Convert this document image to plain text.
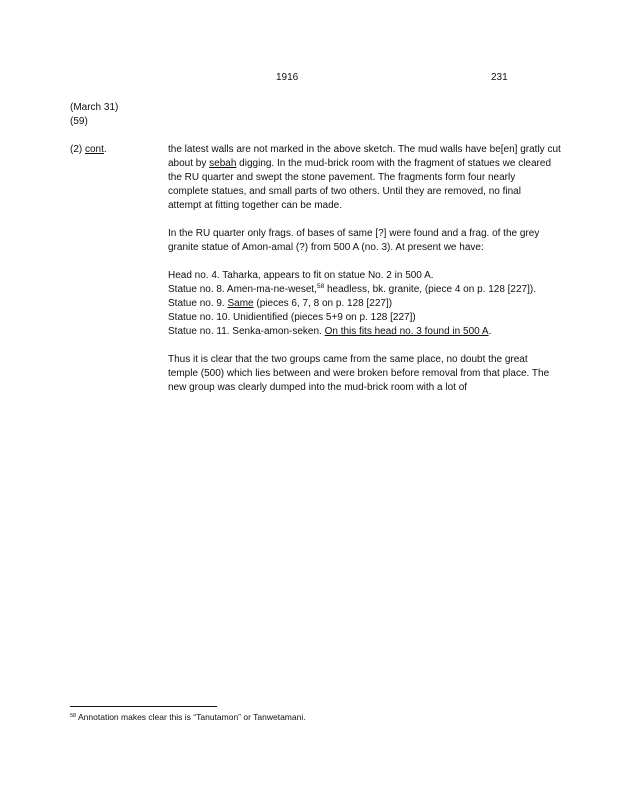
1916	231
(March 31)
(59)
(2) cont.	the latest walls are not marked in the above sketch. The mud walls have be[en] gratly cut
about by sebah digging. In the mud-brick room with the fragment of statues we cleared
the RU quarter and swept the stone pavement. The fragments form four nearly
complete statues, and small parts of two others. Until they are removed, no final
attempt at fitting together can be made.
In the RU quarter only frags. of bases of same [?] were found and a frag. of the grey
granite statue of Amon-amal (?) from 500 A (no. 3). At present we have:
Head no. 4. Taharka, appears to fit on statue No. 2 in 500 A.
Statue no. 8. Amen-ma-ne-weset,$^{58}$ headless, bk. granite, (piece 4 on p. 128 [227]).
Statue no. 9. Same (pieces 6, 7, 8 on p. 128 [227])
Statue no. 10. Unidientified (pieces 5+9 on p. 128 [227])
Statue no. 11. Senka-amon-seken. On this fits head no. 3 found in 500 A.
Thus it is clear that the two groups came from the same place, no doubt the great
temple (500) which lies between and were broken before removal from that place. The
new group was clearly dumped into the mud-brick room with a lot of
$^{58}$ Annotation makes clear this is “Tanutamon” or Tanwetamani.
